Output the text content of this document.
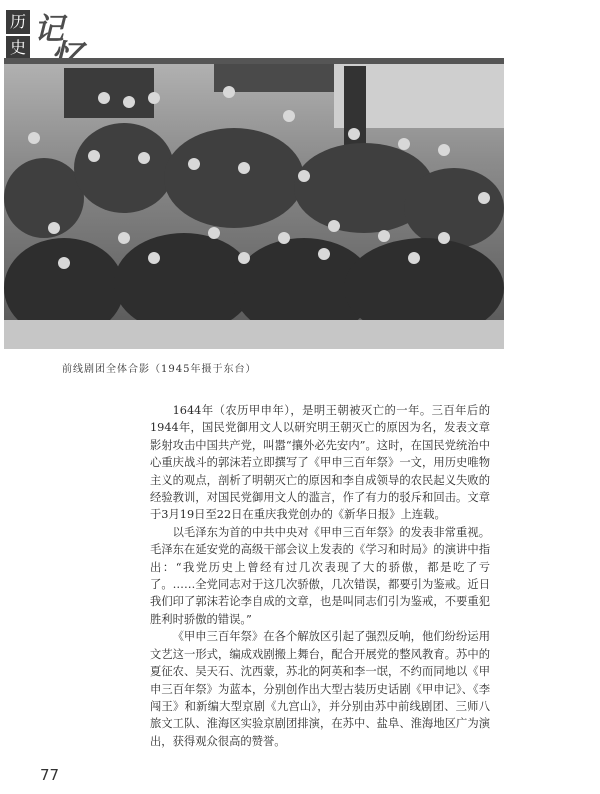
历
史
记
前线剧团全体合影（1945年摄于东台）

1644年（农历甲申年），是明王朝被灭亡的一年。三百年后的1944年，国民党御用文人以研究明王朝灭亡的原因为名，发表文章影射攻击中国共产党，叫嚣“攘外必先安内”。这时，在国民党统治中心重庆战斗的郭沫若立即撰写了《甲申三百年祭》一文，用历史唯物主义的观点，剖析了明朝灭亡的原因和李自成领导的农民起义失败的经验教训，对国民党御用文人的滥言，作了有力的驳斥和回击。文章于3月19日至22日在重庆我党创办的《新华日报》上连载。

以毛泽东为首的中共中央对《甲申三百年祭》的发表非常重视。毛泽东在延安党的高级干部会议上发表的《学习和时局》的演讲中指出：“我党历史上曾经有过几次表现了大的骄傲，都是吃了亏了。……全党同志对于这几次骄傲，几次错误，都要引为鉴戒。近日我们印了郭沫若论李自成的文章，也是叫同志们引为鉴戒，不要重犯胜利时骄傲的错误。”

《甲申三百年祭》在各个解放区引起了强烈反响，他们纷纷运用文艺这一形式，编成戏剧搬上舞台，配合开展党的整风教育。苏中的夏征农、吴天石、沈西蒙，苏北的阿英和李一氓，不约而同地以《甲申三百年祭》为蓝本，分别创作出大型古装历史话剧《甲申记》、《李闯王》和新编大型京剧《九宫山》，并分别由苏中前线剧团、三师八旅文工队、淮海区实验京剧团排演，在苏中、盐阜、淮海地区广为演出，获得观众很高的赞誉。

77
